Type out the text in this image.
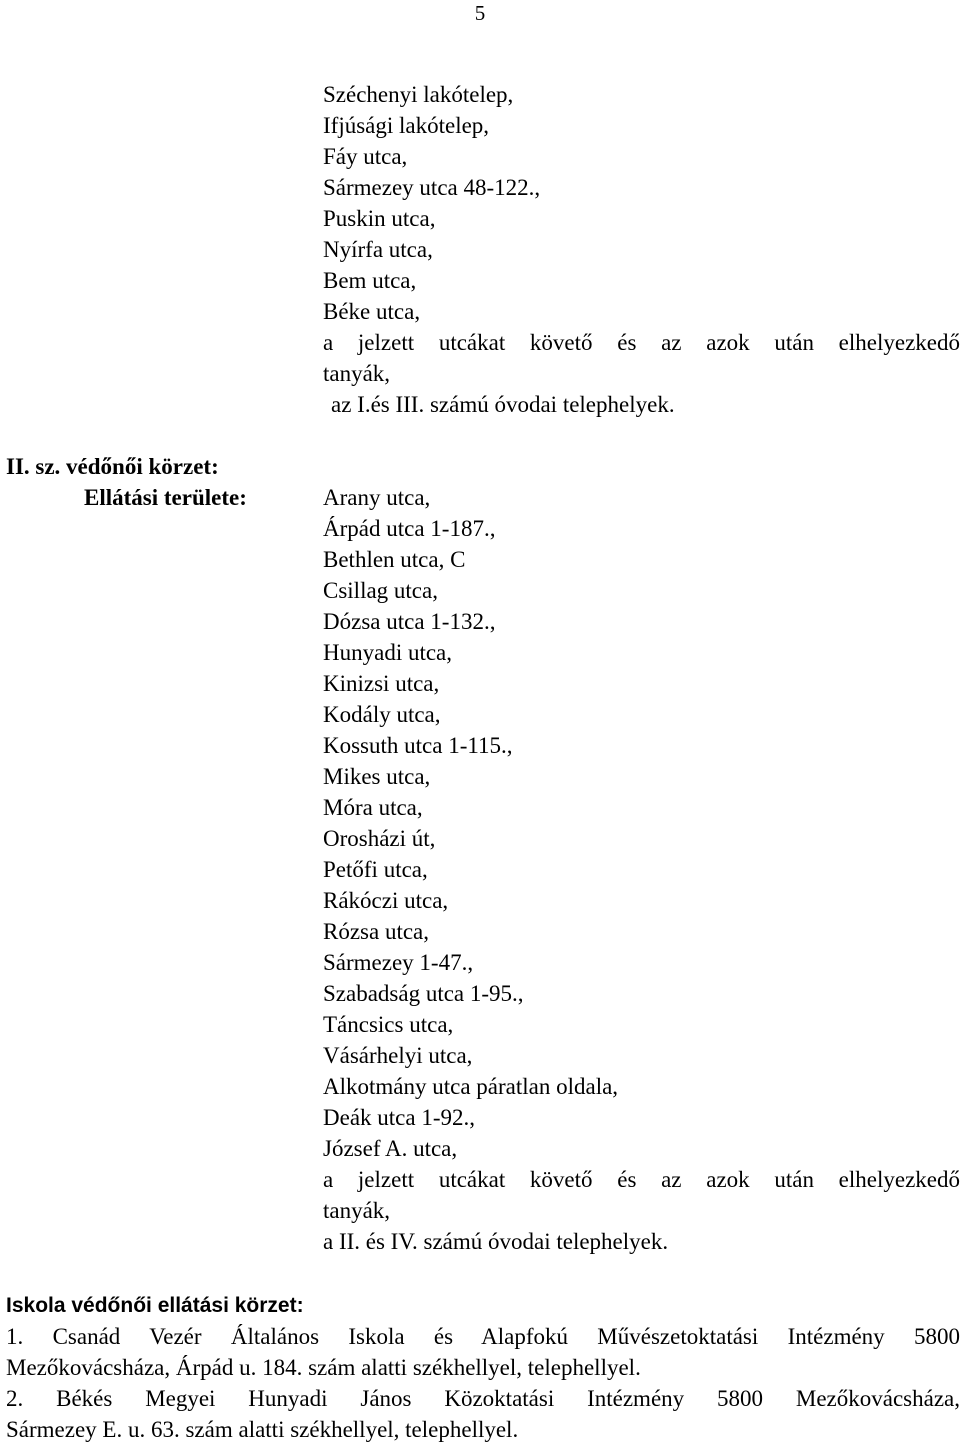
5
Széchenyi lakótelep,
Ifjúsági lakótelep,
Fáy utca,
Sármezey utca 48-122.,
Puskin utca,
Nyírfa utca,
Bem utca,
Béke utca,
a jelzett utcákat követő és az azok után elhelyezkedő
tanyák,
az I.és III. számú óvodai telephelyek.
II. sz. védőnői körzet:
Ellátási területe:	Arany utca,
Árpád utca 1-187.,
Bethlen utca, C
Csillag utca,
Dózsa utca 1-132.,
Hunyadi utca,
Kinizsi utca,
Kodály utca,
Kossuth utca 1-115.,
Mikes utca,
Móra utca,
Orosházi út,
Petőfi utca,
Rákóczi utca,
Rózsa utca,
Sármezey 1-47.,
Szabadság utca 1-95.,
Táncsics utca,
Vásárhelyi utca,
Alkotmány utca páratlan oldala,
Deák utca 1-92.,
József A. utca,
a jelzett utcákat követő és az azok után elhelyezkedő
tanyák,
a II. és IV. számú óvodai telephelyek.
Iskola védőnői ellátási körzet:
1. Csanád Vezér Általános Iskola és Alapfokú Művészetoktatási Intézmény 5800
Mezőkovácsháza, Árpád u. 184. szám alatti székhellyel, telephellyel.
2. Békés Megyei Hunyadi János Közoktatási Intézmény 5800 Mezőkovácsháza,
Sármezey E. u. 63. szám alatti székhellyel, telephellyel.
